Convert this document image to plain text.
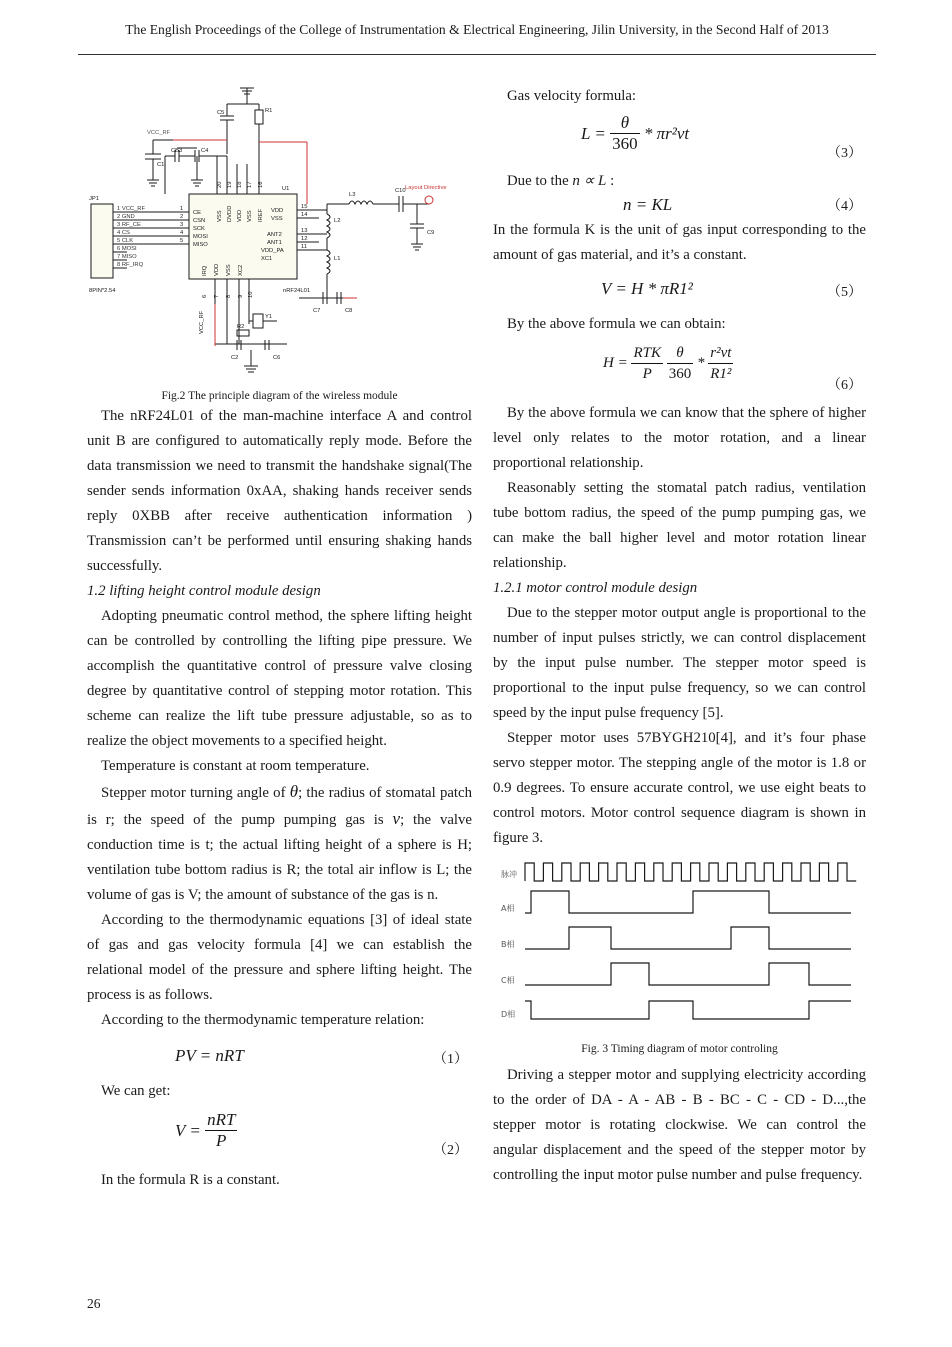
The English Proceedings of the College of Instrumentation & Electrical Engineering, Jilin University, in the Second Half of 2013
VCC_RF
R1
C5
CB3	C4
C1
U1	Layout Directive
L3
C10
C9
L2
L1
JP1
1 VCC_RF
2 GND
3 RF_CE
4 CS
5 CLK
6 MOSI
7 MISO
8 RF_IRQ
1
2
3
4
5
CE
CSN
SCK
MOSI
MISO
VDD
VSS
ANT2
ANT1
VDD_PA
XC1
15
14
13
12
11
VSS DVDD VDD VSS IREF
20 19 18 17 16
IRQ VDD VSS XC2
6 7 8 9 10
8PIN*2.54	nRF24L01
C7	C8
R2
Y1
C2	C6
VCC_RF

Fig.2 The principle diagram of the wireless module

The nRF24L01 of the man-machine interface A and control unit B are configured to automatically reply mode. Before the data transmission we need to transmit the handshake signal(The sender sends information 0xAA, shaking hands receiver sends reply 0XBB after receive authentication information ) Transmission can’t be performed until ensuring shaking hands successfully.

1.2 lifting height control module design

Adopting pneumatic control method, the sphere lifting height can be controlled by controlling the lifting pipe pressure. We accomplish the quantitative control of pressure valve closing degree by quantitative control of stepping motor rotation. This scheme can realize the lift tube pressure adjustable, so as to realize the object movements to a specified height.

Temperature is constant at room temperature.

Stepper motor turning angle of θ; the radius of stomatal patch is r; the speed of the pump pumping gas is v; the valve conduction time is t; the actual lifting height of a sphere is H; ventilation tube bottom radius is R; the total air inflow is L; the volume of gas is V; the amount of substance of the gas is n.

According to the thermodynamic equations [3] of ideal state of gas and gas velocity formula [4] we can establish the relational model of the pressure and sphere lifting height. The process is as follows.

According to the thermodynamic temperature relation:

PV = nRT	（1）

We can get:

$V = \frac{\text{nRT}}{P}$	（2）

In the formula R is a constant.

Gas velocity formula:

$L = \frac{\theta}{360} * \pi r^2vt$
（3）

Due to the n ∝ L :

n = KL	（4）

In the formula K is the unit of gas input corresponding to the amount of gas material, and it’s a constant.

V = H * πR1²	（5）

By the above formula we can obtain:

$H = \frac{\text{RTK}}{P}$
$\frac{\theta}{360} * \frac{\text{r²vt}}{\text{R1²}}$
（6）

By the above formula we can know that the sphere of higher level only relates to the motor rotation, and a linear proportional relationship.

Reasonably setting the stomatal patch radius, ventilation tube bottom radius, the speed of the pump pumping gas, we can make the ball higher level and motor rotation linear relationship.

1.2.1 motor control module design

Due to the stepper motor output angle is proportional to the number of input pulses strictly, we can control displacement by the input pulse number. The stepper motor speed is proportional to the input pulse frequency, so we can control speed by the input pulse frequency [5].

Stepper motor uses 57BYGH210[4], and it’s four phase servo stepper motor. The stepping angle of the motor is 1.8 or 0.9 degrees. To ensure accurate control, we use eight beats to control motors. Motor control sequence diagram is shown in figure 3.

脉冲
A相
B相
C相
D相

Fig. 3 Timing diagram of motor controling

Driving a stepper motor and supplying electricity according to the order of DA - A - AB - B - BC - C - CD - D...,the stepper motor is rotating clockwise. We can control the angular displacement and the speed of the stepper motor by controlling the input motor pulse number and pulse frequency.

26
